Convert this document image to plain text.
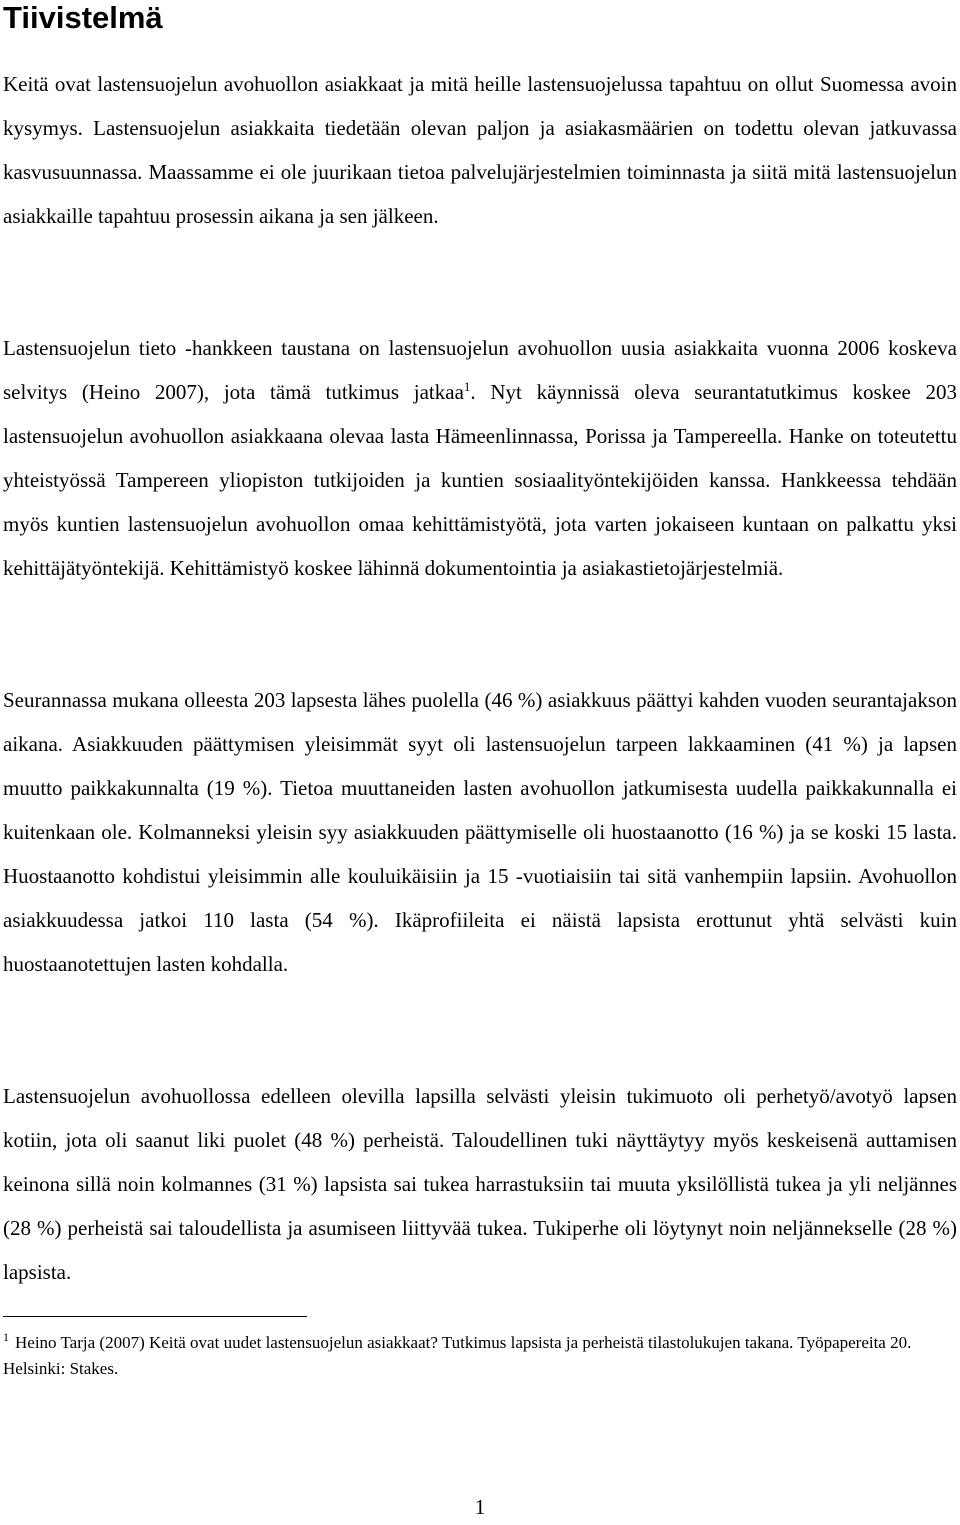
Tiivistelmä

Keitä ovat lastensuojelun avohuollon asiakkaat ja mitä heille lastensuojelussa tapahtuu on ollut Suomessa avoin kysymys. Lastensuojelun asiakkaita tiedetään olevan paljon ja asiakasmäärien on todettu olevan jatkuvassa kasvusuunnassa. Maassamme ei ole juurikaan tietoa palvelujärjestelmien toiminnasta ja siitä mitä lastensuojelun asiakkaille tapahtuu prosessin aikana ja sen jälkeen.

Lastensuojelun tieto -hankkeen taustana on lastensuojelun avohuollon uusia asiakkaita vuonna 2006 koskeva selvitys (Heino 2007), jota tämä tutkimus jatkaa$^1$. Nyt käynnissä oleva seurantatutkimus koskee 203 lastensuojelun avohuollon asiakkaana olevaa lasta Hämeenlinnassa, Porissa ja Tampereella. Hanke on toteutettu yhteistyössä Tampereen yliopiston tutkijoiden ja kuntien sosiaalityöntekijöiden kanssa. Hankkeessa tehdään myös kuntien lastensuojelun avohuollon omaa kehittämistyötä, jota varten jokaiseen kuntaan on palkattu yksi kehittäjätyöntekijä. Kehittämistyö koskee lähinnä dokumentointia ja asiakastietojärjestelmiä.

Seurannassa mukana olleesta 203 lapsesta lähes puolella (46 %) asiakkuus päättyi kahden vuoden seurantajakson aikana. Asiakkuuden päättymisen yleisimmät syyt oli lastensuojelun tarpeen lakkaaminen (41 %) ja lapsen muutto paikkakunnalta (19 %). Tietoa muuttaneiden lasten avohuollon jatkumisesta uudella paikkakunnalla ei kuitenkaan ole. Kolmanneksi yleisin syy asiakkuuden päättymiselle oli huostaanotto (16 %) ja se koski 15 lasta. Huostaanotto kohdistui yleisimmin alle kouluikäisiin ja 15 -vuotiaisiin tai sitä vanhempiin lapsiin. Avohuollon asiakkuudessa jatkoi 110 lasta (54 %). Ikäprofiileita ei näistä lapsista erottunut yhtä selvästi kuin huostaanotettujen lasten kohdalla.

Lastensuojelun avohuollossa edelleen olevilla lapsilla selvästi yleisin tukimuoto oli perhetyö/avotyö lapsen kotiin, jota oli saanut liki puolet (48 %) perheistä. Taloudellinen tuki näyttäytyy myös keskeisenä auttamisen keinona sillä noin kolmannes (31 %) lapsista sai tukea harrastuksiin tai muuta yksilöllistä tukea ja yli neljännes (28 %) perheistä sai taloudellista ja asumiseen liittyvää tukea. Tukiperhe oli löytynyt noin neljännekselle (28 %) lapsista.

$^1$ Heino Tarja (2007) Keitä ovat uudet lastensuojelun asiakkaat? Tutkimus lapsista ja perheistä tilastolukujen takana. Työpapereita 20. Helsinki: Stakes.

1
